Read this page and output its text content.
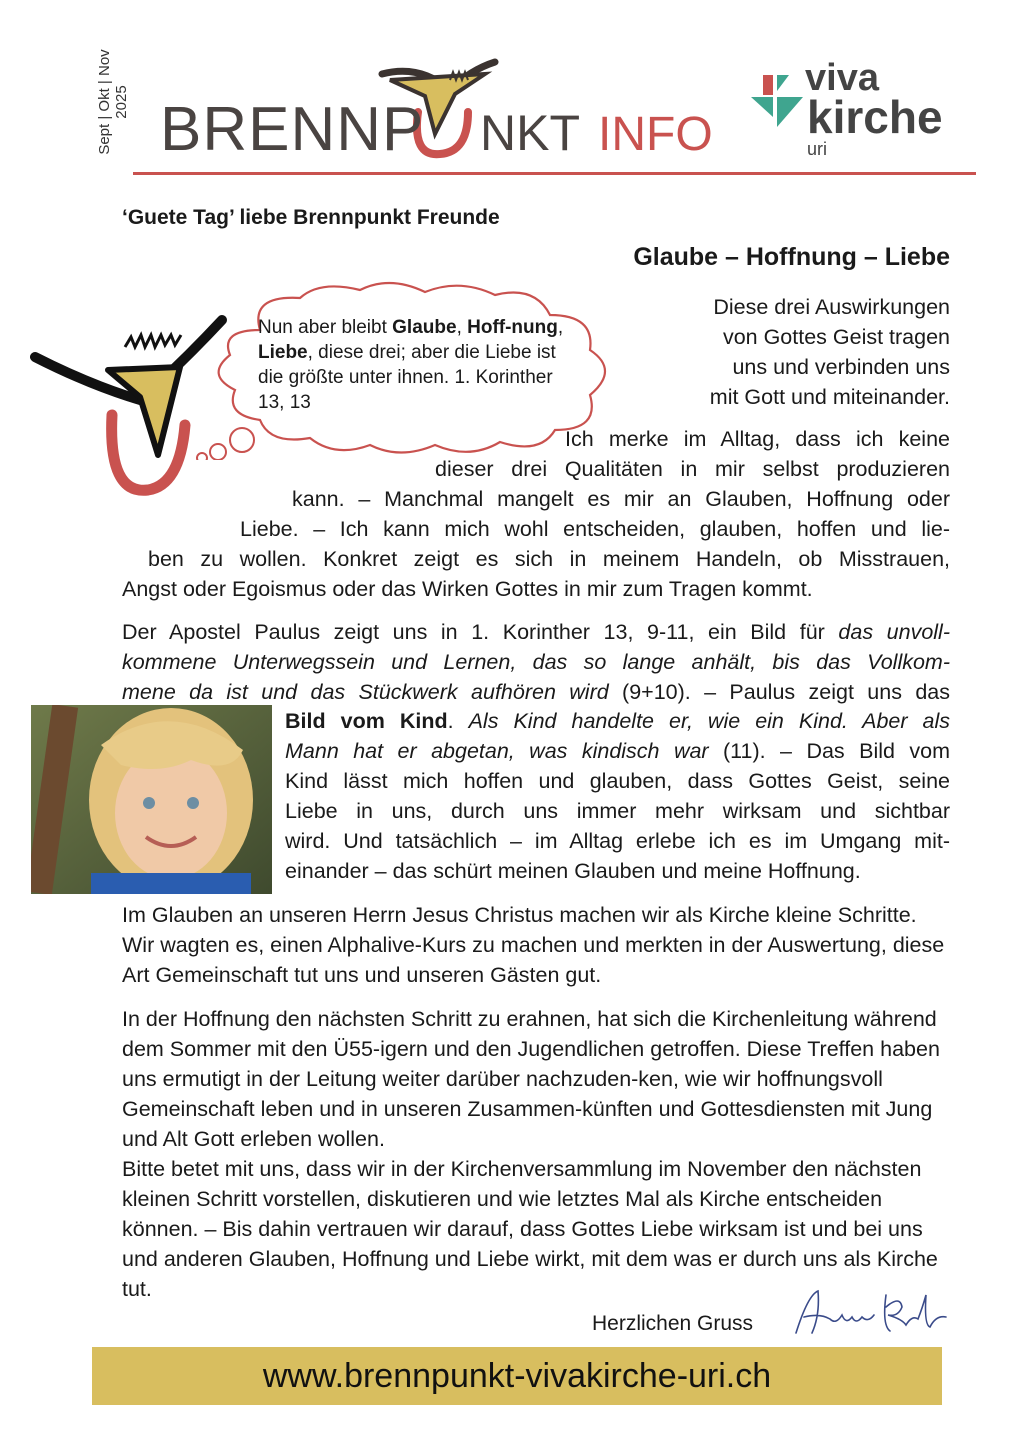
Sept | Okt | Nov 2025 BRENNP NKT INFO
viva
kirche
uri
‘Guete Tag’ liebe Brennpunkt Freunde
Glaube – Hoffnung – Liebe
Diese drei Auswirkungen
von Gottes Geist tragen
uns und verbinden uns
mit Gott und miteinander.
Nun aber bleibt Glaube, Hoff-nung, Liebe, diese drei; aber die Liebe ist die größte unter ihnen. 1. Korinther 13, 13
Ich merke im Alltag, dass ich keine
dieser drei Qualitäten in mir selbst produzieren
kann. – Manchmal mangelt es mir an Glauben, Hoffnung oder
Liebe. – Ich kann mich wohl entscheiden, glauben, hoffen und lie-
ben zu wollen. Konkret zeigt es sich in meinem Handeln, ob Misstrauen,
Angst oder Egoismus oder das Wirken Gottes in mir zum Tragen kommt.
Der Apostel Paulus zeigt uns in 1. Korinther 13, 9-11, ein Bild für das unvoll-
kommene Unterwegssein und Lernen, das so lange anhält, bis das Vollkom-
mene da ist und das Stückwerk aufhören wird (9+10). – Paulus zeigt uns das
Bild vom Kind. Als Kind handelte er, wie ein Kind. Aber als
Mann hat er abgetan, was kindisch war (11). – Das Bild vom
Kind lässt mich hoffen und glauben, dass Gottes Geist, seine
Liebe in uns, durch uns immer mehr wirksam und sichtbar
wird. Und tatsächlich – im Alltag erlebe ich es im Umgang mit-
einander – das schürt meinen Glauben und meine Hoffnung.
Im Glauben an unseren Herrn Jesus Christus machen wir als Kirche kleine Schritte. Wir wagten es, einen Alphalive-Kurs zu machen und merkten in der Auswertung, diese Art Gemeinschaft tut uns und unseren Gästen gut.
In der Hoffnung den nächsten Schritt zu erahnen, hat sich die Kirchenleitung während dem Sommer mit den Ü55-igern und den Jugendlichen getroffen. Diese Treffen haben uns ermutigt in der Leitung weiter darüber nachzuden-ken, wie wir hoffnungsvoll Gemeinschaft leben und in unseren Zusammen-künften und Gottesdiensten mit Jung und Alt Gott erleben wollen.
Bitte betet mit uns, dass wir in der Kirchenversammlung im November den nächsten kleinen Schritt vorstellen, diskutieren und wie letztes Mal als Kirche entscheiden können. – Bis dahin vertrauen wir darauf, dass Gottes Liebe wirksam ist und bei uns und anderen Glauben, Hoffnung und Liebe wirkt, mit dem was er durch uns als Kirche tut.
Herzlichen Gruss
www.brennpunkt-vivakirche-uri.ch
